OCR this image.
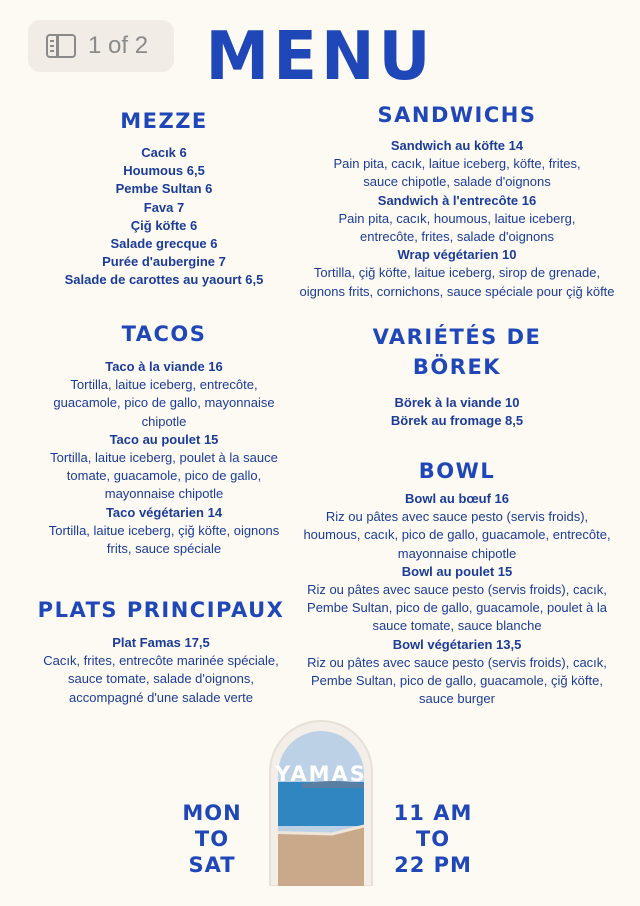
1 of 2 MENU
MEZZE
Cacık 6
Houmous 6,5
Pembe Sultan 6
Fava 7
Çiğ köfte 6
Salade grecque 6
Purée d'aubergine 7
Salade de carottes au yaourt 6,5
TACOS
Taco à la viande 16
Tortilla, laitue iceberg, entrecôte, guacamole, pico de gallo, mayonnaise chipotle
Taco au poulet 15
Tortilla, laitue iceberg, poulet à la sauce tomate, guacamole, pico de gallo, mayonnaise chipotle
Taco végétarien 14
Tortilla, laitue iceberg, çiğ köfte, oignons frits, sauce spéciale
PLATS PRINCIPAUX
Plat Famas 17,5
Cacık, frites, entrecôte marinée spéciale, sauce tomate, salade d'oignons, accompagné d'une salade verte
SANDWICHS
Sandwich au köfte 14
Pain pita, cacık, laitue iceberg, köfte, frites, sauce chipotle, salade d'oignons
Sandwich à l'entrecôte 16
Pain pita, cacık, houmous, laitue iceberg, entrecôte, frites, salade d'oignons
Wrap végétarien 10
Tortilla, çiğ köfte, laitue iceberg, sirop de grenade, oignons frits, cornichons, sauce spéciale pour çiğ köfte
VARIÉTÉS DE
BÖREK
Börek à la viande 10
Börek au fromage 8,5
BOWL
Bowl au bœuf 16
Riz ou pâtes avec sauce pesto (servis froids), houmous, cacık, pico de gallo, guacamole, entrecôte, mayonnaise chipotle
Bowl au poulet 15
Riz ou pâtes avec sauce pesto (servis froids), cacık, Pembe Sultan, pico de gallo, guacamole, poulet à la sauce tomate, sauce blanche
Bowl végétarien 13,5
Riz ou pâtes avec sauce pesto (servis froids), cacık, Pembe Sultan, pico de gallo, guacamole, çiğ köfte, sauce burger
MON
TO
SAT
11 AM
TO
22 PM
YAMAS
